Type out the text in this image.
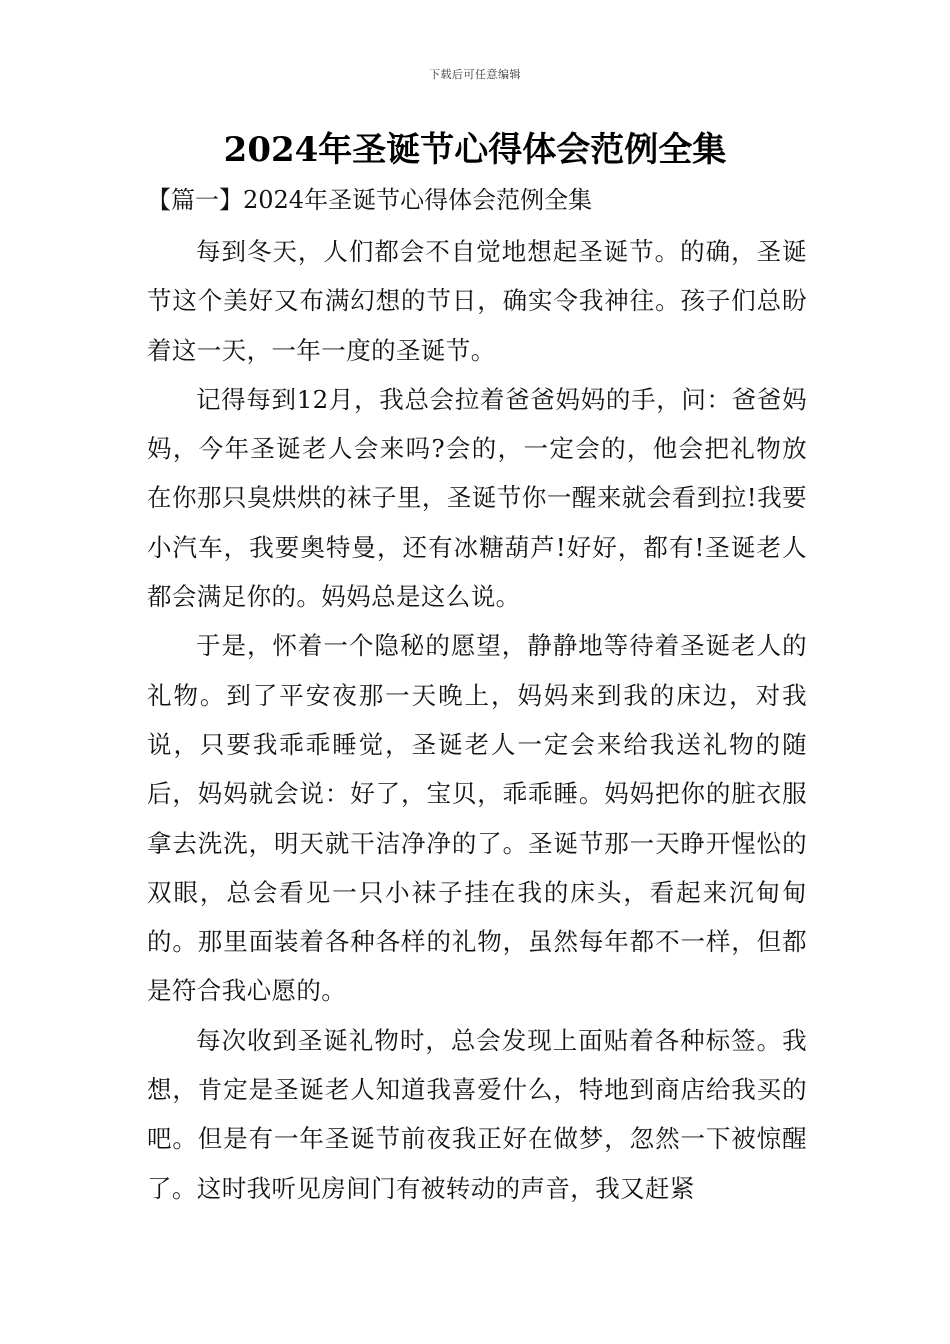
下载后可任意编辑
2024年圣诞节心得体会范例全集
【篇一】2024年圣诞节心得体会范例全集

每到冬天，人们都会不自觉地想起圣诞节。的确，圣诞节这个美好又布满幻想的节日，确实令我神往。孩子们总盼着这一天，一年一度的圣诞节。

记得每到12月，我总会拉着爸爸妈妈的手，问：爸爸妈妈，今年圣诞老人会来吗?会的，一定会的，他会把礼物放在你那只臭烘烘的袜子里，圣诞节你一醒来就会看到拉!我要小汽车，我要奥特曼，还有冰糖葫芦!好好，都有!圣诞老人都会满足你的。妈妈总是这么说。

于是，怀着一个隐秘的愿望，静静地等待着圣诞老人的礼物。到了平安夜那一天晚上，妈妈来到我的床边，对我说，只要我乖乖睡觉，圣诞老人一定会来给我送礼物的随后，妈妈就会说：好了，宝贝，乖乖睡。妈妈把你的脏衣服拿去洗洗，明天就干洁净净的了。圣诞节那一天睁开惺忪的双眼，总会看见一只小袜子挂在我的床头，看起来沉甸甸的。那里面装着各种各样的礼物，虽然每年都不一样，但都是符合我心愿的。

每次收到圣诞礼物时，总会发现上面贴着各种标签。我想，肯定是圣诞老人知道我喜爱什么，特地到商店给我买的吧。但是有一年圣诞节前夜我正好在做梦，忽然一下被惊醒了。这时我听见房间门有被转动的声音，我又赶紧
